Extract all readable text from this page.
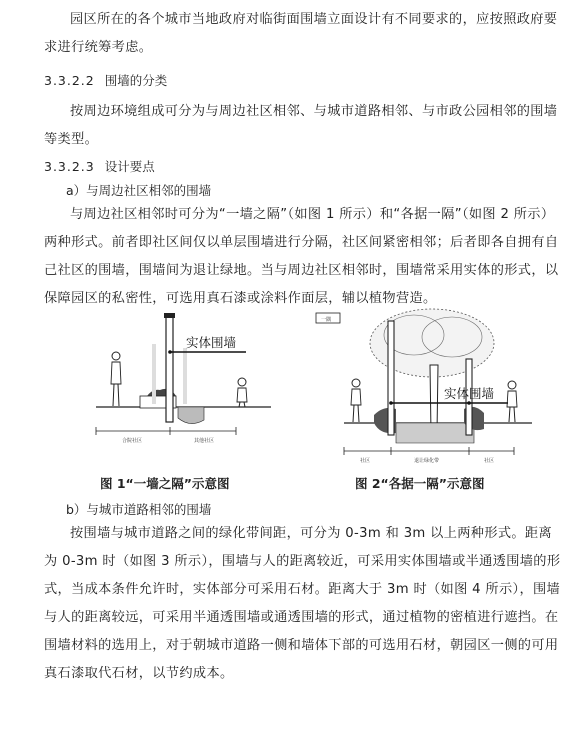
园区所在的各个城市当地政府对临街面围墙立面设计有不同要求的，应按照政府要求进行统筹考虑。
3.3.2.2 围墙的分类
按周边环境组成可分为与周边社区相邻、与城市道路相邻、与市政公园相邻的围墙等类型。
3.3.2.3 设计要点
a）与周边社区相邻的围墙
与周边社区相邻时可分为“一墙之隔”（如图 1 所示）和“各据一隔”（如图 2 所示）两种形式。前者即社区间仅以单层围墙进行分隔，社区间紧密相邻；后者即各自拥有自己社区的围墙，围墙间为退让绿地。当与周边社区相邻时，围墙常采用实体的形式，以保障园区的私密性，可选用真石漆或涂料作面层，辅以植物营造。
实体围墙
合院社区	其他社区
图 1“一墙之隔”示意图
一隅
实体围墙
社区	退让绿化带	社区
图 2“各据一隔”示意图
b）与城市道路相邻的围墙
按围墙与城市道路之间的绿化带间距，可分为 0-3m 和 3m 以上两种形式。距离为 0-3m 时（如图 3 所示），围墙与人的距离较近，可采用实体围墙或半通透围墙的形式，当成本条件允许时，实体部分可采用石材。距离大于 3m 时（如图 4 所示），围墙与人的距离较远，可采用半通透围墙或通透围墙的形式，通过植物的密植进行遮挡。在围墙材料的选用上，对于朝城市道路一侧和墙体下部的可选用石材，朝园区一侧的可用真石漆取代石材，以节约成本。
